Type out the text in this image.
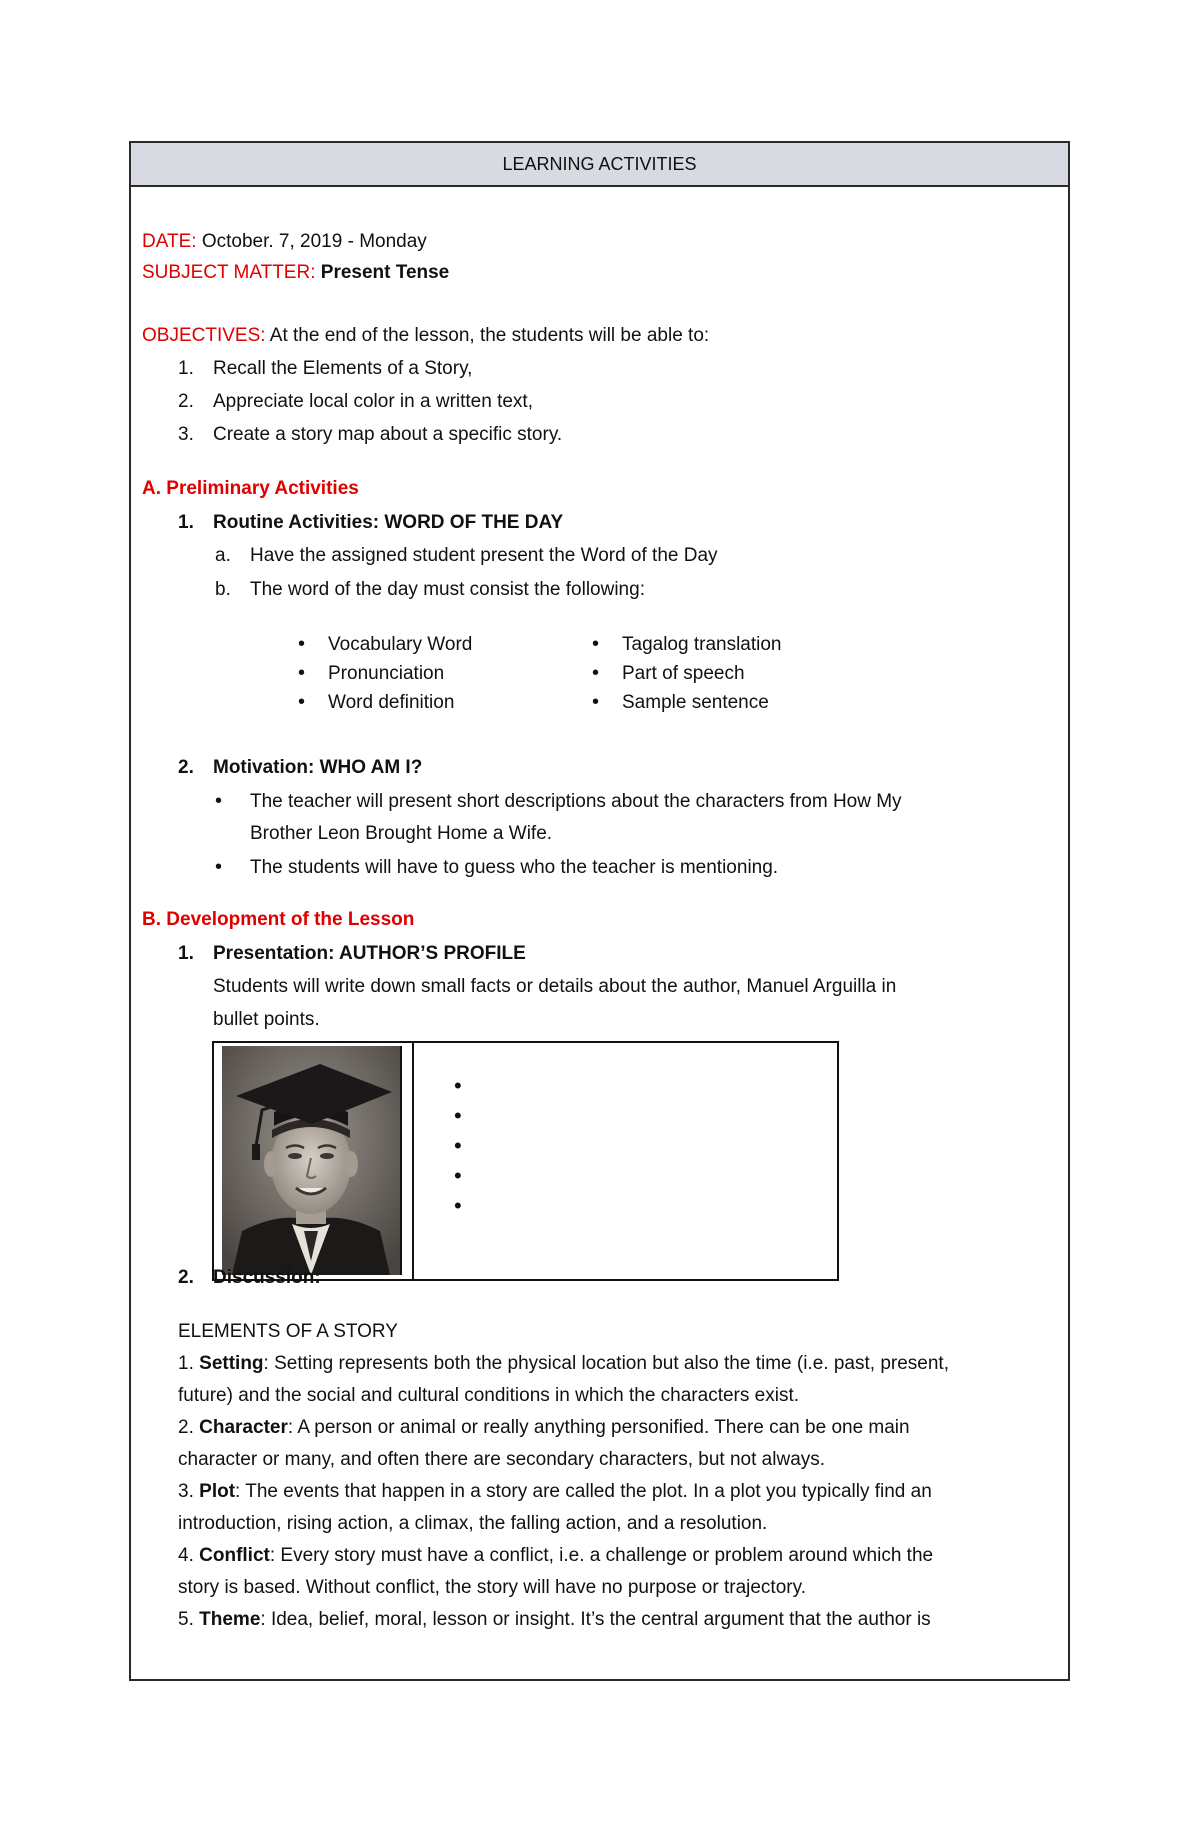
LEARNING ACTIVITIES
DATE: October. 7, 2019 - Monday
SUBJECT MATTER: Present Tense
OBJECTIVES: At the end of the lesson, the students will be able to:
1. Recall the Elements of a Story,
2. Appreciate local color in a written text,
3. Create a story map about a specific story.
A. Preliminary Activities
1. Routine Activities: WORD OF THE DAY
a. Have the assigned student present the Word of the Day
b. The word of the day must consist the following:
• Vocabulary Word
• Pronunciation
• Word definition
• Tagalog translation
• Part of speech
• Sample sentence
2. Motivation: WHO AM I?
• The teacher will present short descriptions about the characters from How My
Brother Leon Brought Home a Wife.
• The students will have to guess who the teacher is mentioning.
B. Development of the Lesson
1. Presentation: AUTHOR’S PROFILE
Students will write down small facts or details about the author, Manuel Arguilla in
bullet points.
•
•
•
•
•
2. Discussion:
ELEMENTS OF A STORY
1. Setting: Setting represents both the physical location but also the time (i.e. past, present,
future) and the social and cultural conditions in which the characters exist.
2. Character: A person or animal or really anything personified. There can be one main
character or many, and often there are secondary characters, but not always.
3. Plot: The events that happen in a story are called the plot. In a plot you typically find an
introduction, rising action, a climax, the falling action, and a resolution.
4. Conflict: Every story must have a conflict, i.e. a challenge or problem around which the
story is based. Without conflict, the story will have no purpose or trajectory.
5. Theme: Idea, belief, moral, lesson or insight. It’s the central argument that the author is
